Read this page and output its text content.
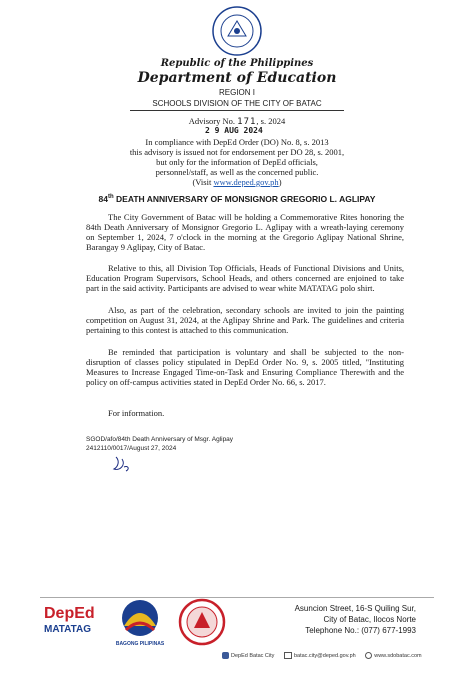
Republic of the Philippines
Department of Education
REGION I
SCHOOLS DIVISION OF THE CITY OF BATAC
Advisory No. 171, s. 2024
2 9 AUG 2024
In compliance with DepEd Order (DO) No. 8, s. 2013
this advisory is issued not for endorsement per DO 28, s. 2001,
but only for the information of DepEd officials,
personnel/staff, as well as the concerned public.
(Visit www.deped.gov.ph)
84th DEATH ANNIVERSARY OF MONSIGNOR GREGORIO L. AGLIPAY

The City Government of Batac will be holding a Commemorative Rites honoring the 84th Death Anniversary of Monsignor Gregorio L. Aglipay with a wreath-laying ceremony on September 1, 2024, 7 o'clock in the morning at the Gregorio Aglipay National Shrine, Barangay 9 Aglipay, City of Batac.

Relative to this, all Division Top Officials, Heads of Functional Divisions and Units, Education Program Supervisors, School Heads, and others concerned are enjoined to take part in the said activity. Participants are advised to wear white MATATAG polo shirt.

Also, as part of the celebration, secondary schools are invited to join the painting competition on August 31, 2024, at the Aglipay Shrine and Park. The guidelines and criteria pertaining to this contest is attached to this communication.

Be reminded that participation is voluntary and shall be subjected to the non-disruption of classes policy stipulated in DepEd Order No. 9, s. 2005 titled, "Instituting Measures to Increase Engaged Time-on-Task and Ensuring Compliance Therewith and the policy on off-campus activities stated in DepEd Order No. 66, s. 2017.

For information.

SGOD/afo/84th Death Anniversary of Msgr. Aglipay
2412110/0017/August 27, 2024
DepEd
MATATAG
BAGONG PILIPINAS
Asuncion Street, 16-S Quiling Sur,
City of Batac, Ilocos Norte
Telephone No.: (077) 677-1993
DepEd Batac City	batac.city@deped.gov.ph	www.sdobatac.com
